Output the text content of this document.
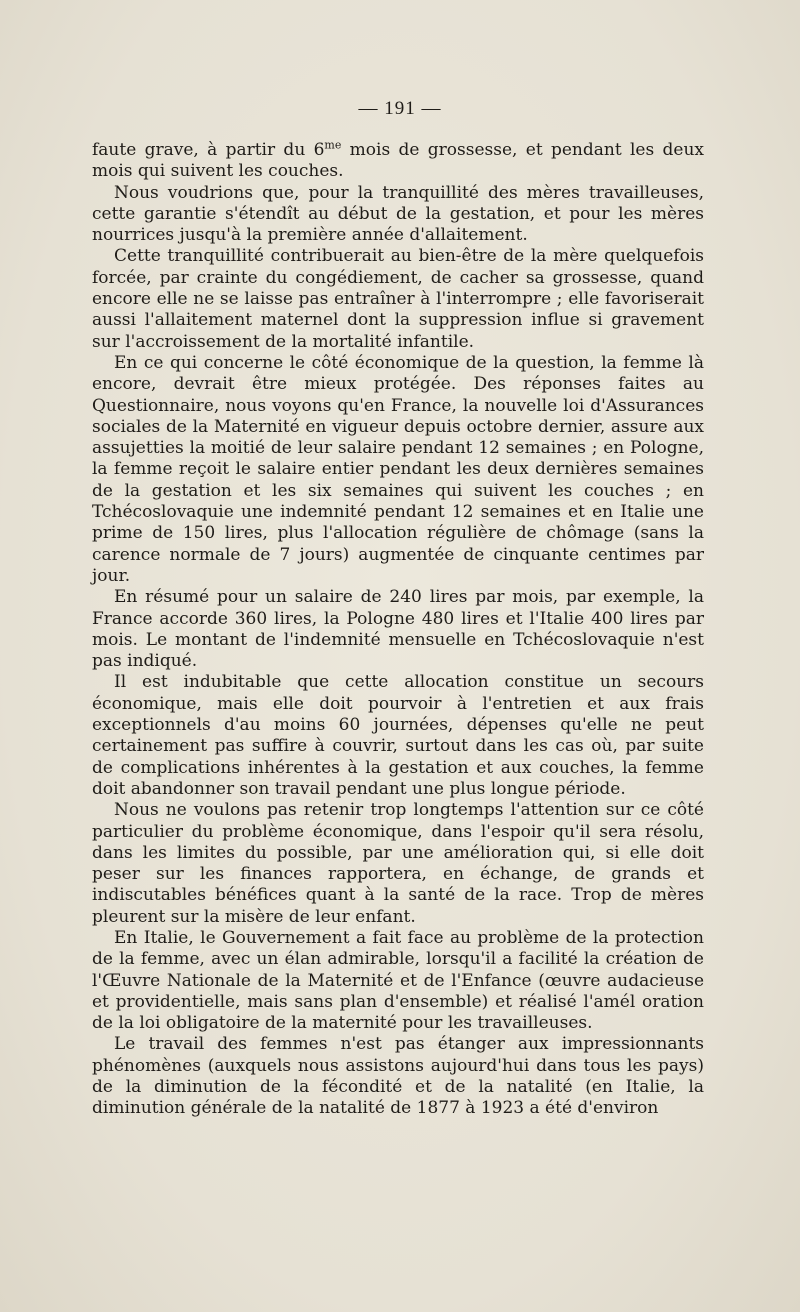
— 191 —

faute grave, à partir du $6^{me}$ mois de grossesse, et pendant les deux mois qui suivent les couches.

Nous voudrions que, pour la tranquillité des mères travailleuses, cette garantie s'étendît au début de la gestation, et pour les mères nourrices jusqu'à la première année d'allaitement.

Cette tranquillité contribuerait au bien-être de la mère quelquefois forcée, par crainte du congédiement, de cacher sa grossesse, quand encore elle ne se laisse pas entraîner à l'interrompre ; elle favoriserait aussi l'allaitement maternel dont la suppression influe si gravement sur l'accroissement de la mortalité infantile.

En ce qui concerne le côté économique de la question, la femme là encore, devrait être mieux protégée. Des réponses faites au Questionnaire, nous voyons qu'en France, la nouvelle loi d'Assurances sociales de la Maternité en vigueur depuis octobre dernier, assure aux assujetties la moitié de leur salaire pendant 12 semaines ; en Pologne, la femme reçoit le salaire entier pendant les deux dernières semaines de la gestation et les six semaines qui suivent les couches ; en Tchécoslovaquie une indemnité pendant 12 semaines et en Italie une prime de 150 lires, plus l'allocation régulière de chômage (sans la carence normale de 7 jours) augmentée de cinquante centimes par jour.

En résumé pour un salaire de 240 lires par mois, par exemple, la France accorde 360 lires, la Pologne 480 lires et l'Italie 400 lires par mois. Le montant de l'indemnité mensuelle en Tchécoslovaquie n'est pas indiqué.

Il est indubitable que cette allocation constitue un secours économique, mais elle doit pourvoir à l'entretien et aux frais exceptionnels d'au moins 60 journées, dépenses qu'elle ne peut certainement pas suffire à couvrir, surtout dans les cas où, par suite de complications inhérentes à la gestation et aux couches, la femme doit abandonner son travail pendant une plus longue période.

Nous ne voulons pas retenir trop longtemps l'attention sur ce côté particulier du problème économique, dans l'espoir qu'il sera résolu, dans les limites du possible, par une amélioration qui, si elle doit peser sur les finances rapportera, en échange, de grands et indiscutables bénéfices quant à la santé de la race. Trop de mères pleurent sur la misère de leur enfant.

En Italie, le Gouvernement a fait face au problème de la protection de la femme, avec un élan admirable, lorsqu'il a facilité la création de l'Œuvre Nationale de la Maternité et de l'Enfance (œuvre audacieuse et providentielle, mais sans plan d'ensemble) et réalisé l'amél oration de la loi obligatoire de la maternité pour les travailleuses.

Le travail des femmes n'est pas étanger aux impressionnants phénomènes (auxquels nous assistons aujourd'hui dans tous les pays) de la diminution de la fécondité et de la natalité (en Italie, la diminution générale de la natalité de 1877 à 1923 a été d'environ
